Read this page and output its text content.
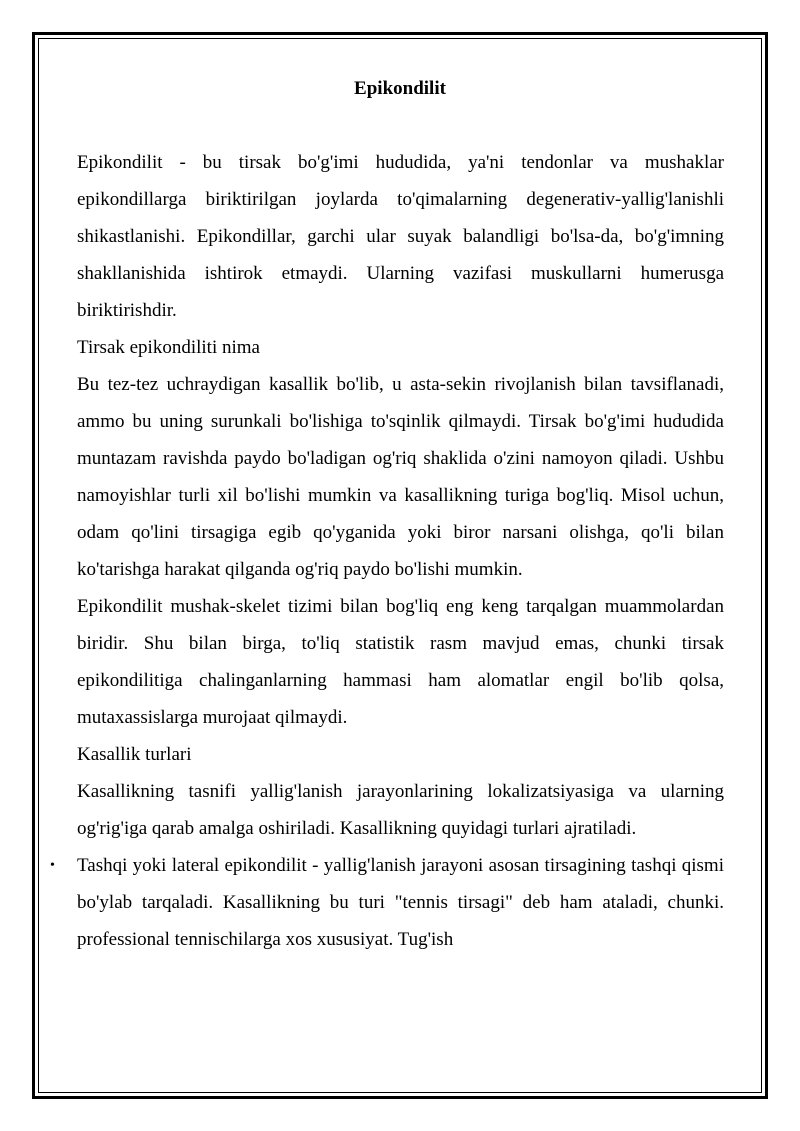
Epikondilit

Epikondilit - bu tirsak bo'g'imi hududida, ya'ni tendonlar va mushaklar epikondillarga biriktirilgan joylarda to'qimalarning degenerativ-yallig'lanishli shikastlanishi. Epikondillar, garchi ular suyak balandligi bo'lsa-da, bo'g'imning shakllanishida ishtirok etmaydi. Ularning vazifasi muskullarni humerusga biriktirishdir.

Tirsak epikondiliti nima

Bu tez-tez uchraydigan kasallik bo'lib, u asta-sekin rivojlanish bilan tavsiflanadi, ammo bu uning surunkali bo'lishiga to'sqinlik qilmaydi. Tirsak bo'g'imi hududida muntazam ravishda paydo bo'ladigan og'riq shaklida o'zini namoyon qiladi. Ushbu namoyishlar turli xil bo'lishi mumkin va kasallikning turiga bog'liq. Misol uchun, odam qo'lini tirsagiga egib qo'yganida yoki biror narsani olishga, qo'li bilan ko'tarishga harakat qilganda og'riq paydo bo'lishi mumkin.

Epikondilit mushak-skelet tizimi bilan bog'liq eng keng tarqalgan muammolardan biridir. Shu bilan birga, to'liq statistik rasm mavjud emas, chunki tirsak epikondilitiga chalinganlarning hammasi ham alomatlar engil bo'lib qolsa, mutaxassislarga murojaat qilmaydi.

Kasallik turlari

Kasallikning tasnifi yallig'lanish jarayonlarining lokalizatsiyasiga va ularning og'rig'iga qarab amalga oshiriladi. Kasallikning quyidagi turlari ajratiladi.

• Tashqi yoki lateral epikondilit - yallig'lanish jarayoni asosan tirsagining tashqi qismi bo'ylab tarqaladi. Kasallikning bu turi "tennis tirsagi" deb ham ataladi, chunki. professional tennischilarga xos xususiyat. Tug'ish
